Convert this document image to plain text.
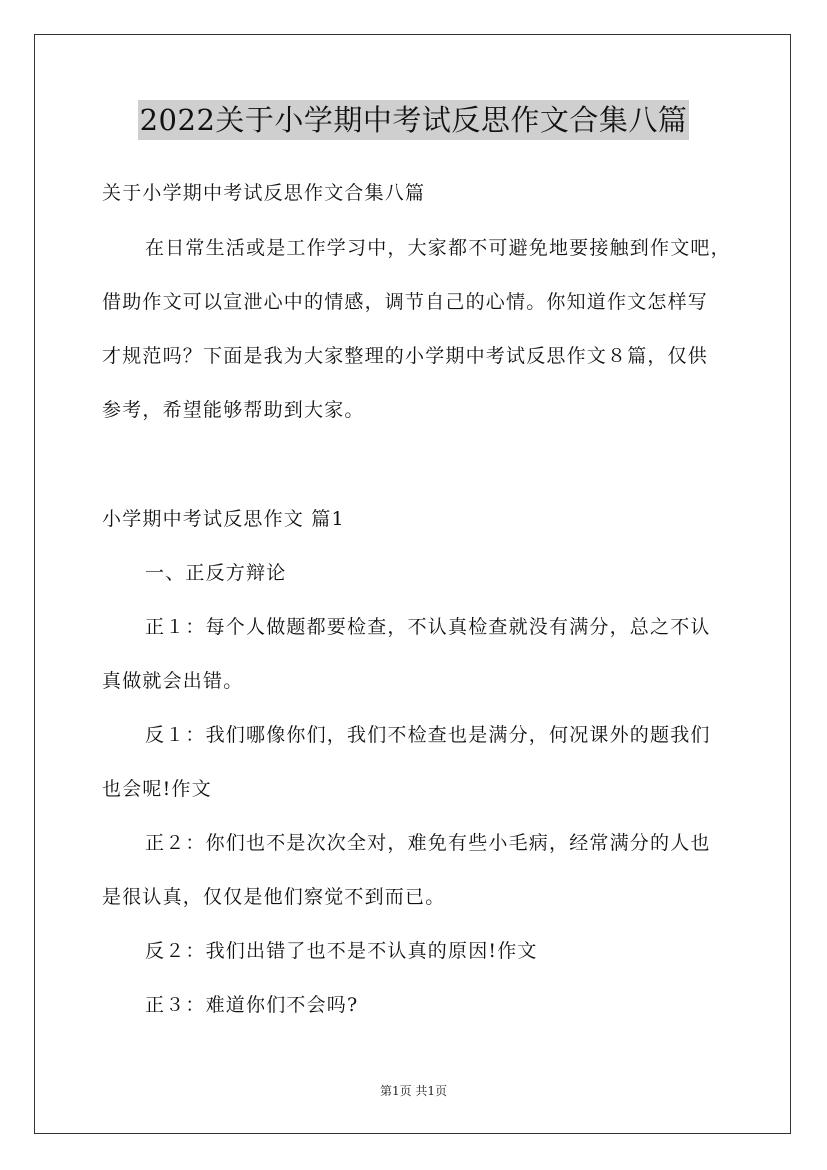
2022关于小学期中考试反思作文合集八篇
关于小学期中考试反思作文合集八篇
在日常生活或是工作学习中，大家都不可避免地要接触到作文吧，
借助作文可以宣泄心中的情感，调节自己的心情。你知道作文怎样写
才规范吗？下面是我为大家整理的小学期中考试反思作文８篇，仅供
参考，希望能够帮助到大家。
小学期中考试反思作文 篇1
一、正反方辩论
正１：每个人做题都要检查，不认真检查就没有满分，总之不认
真做就会出错。
反１：我们哪像你们，我们不检查也是满分，何况课外的题我们
也会呢!作文
正２：你们也不是次次全对，难免有些小毛病，经常满分的人也
是很认真，仅仅是他们察觉不到而已。
反２：我们出错了也不是不认真的原因!作文
正３：难道你们不会吗?
第1页 共1页
